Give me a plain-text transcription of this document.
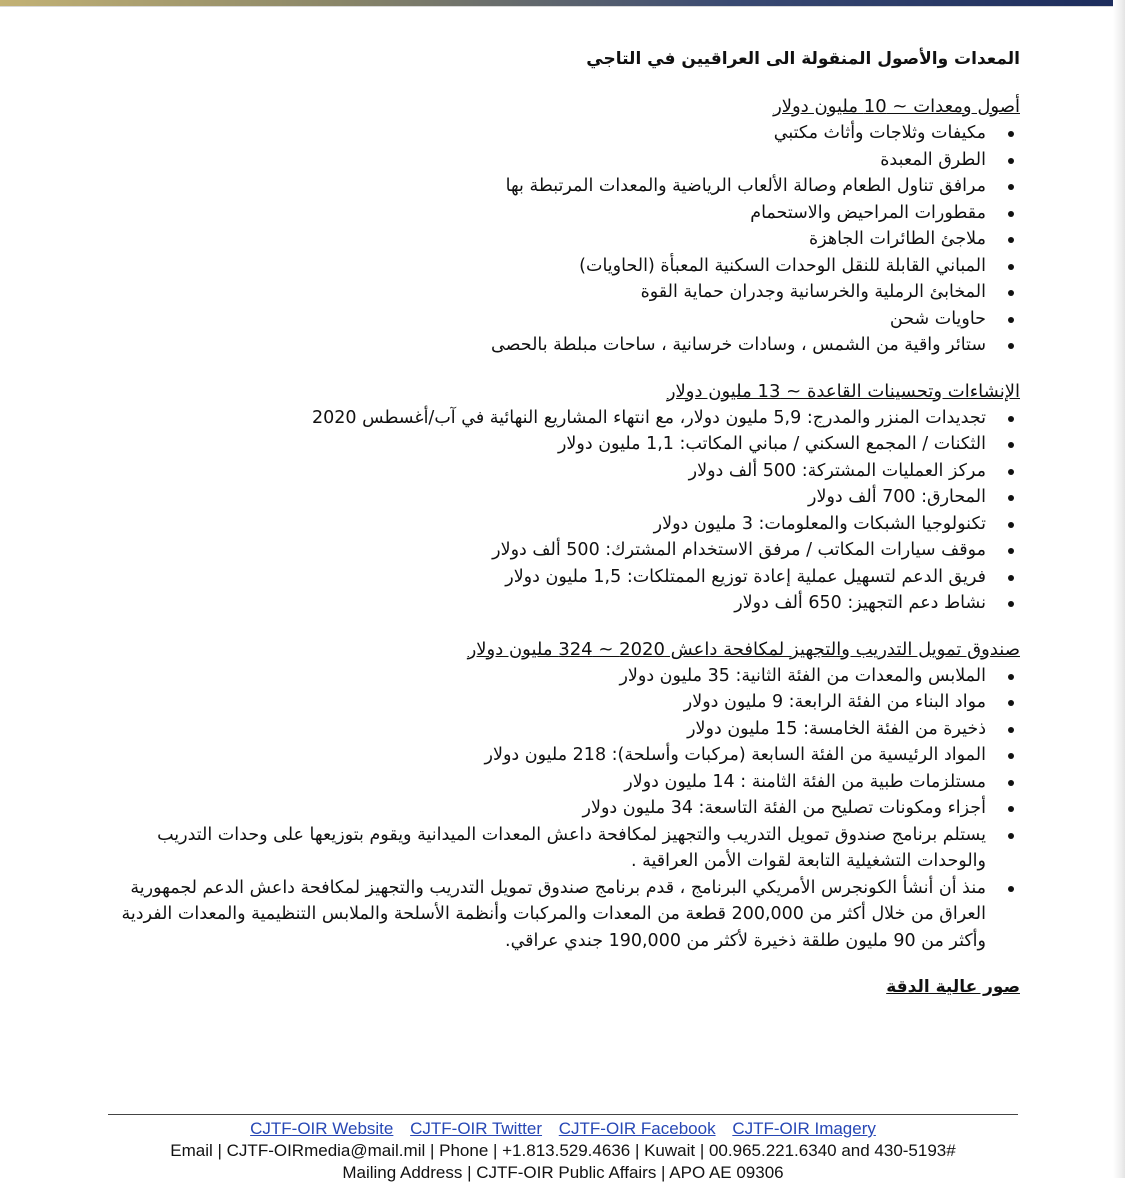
المعدات والأصول المنقولة الى العراقيين في التاجي

أصول ومعدات ~ 10 مليون دولار

مكيفات وثلاجات وأثاث مكتبي
الطرق المعبدة
مرافق تناول الطعام وصالة الألعاب الرياضية والمعدات المرتبطة بها
مقطورات المراحيض والاستحمام
ملاجئ الطائرات الجاهزة
المباني القابلة للنقل الوحدات السكنية المعبأة (الحاويات)
المخابئ الرملية والخرسانية وجدران حماية القوة
حاويات شحن
ستائر واقية من الشمس ، وسادات خرسانية ، ساحات مبلطة بالحصى

الإنشاءات وتحسينات القاعدة ~ 13 مليون دولار

تجديدات المنزر والمدرج: 5,9 مليون دولار، مع انتهاء المشاريع النهائية في آب/أغسطس 2020
الثكنات / المجمع السكني / مباني المكاتب: 1,1 مليون دولار
مركز العمليات المشتركة: 500 ألف دولار
المحارق: 700 ألف دولار
تكنولوجيا الشبكات والمعلومات: 3 مليون دولار
موقف سيارات المكاتب / مرفق الاستخدام المشترك: 500 ألف دولار
فريق الدعم لتسهيل عملية إعادة توزيع الممتلكات: 1,5 مليون دولار
نشاط دعم التجهيز: 650 ألف دولار

صندوق تمويل التدريب والتجهيز لمكافحة داعش 2020 ~ 324 مليون دولار

الملابس والمعدات من الفئة الثانية: 35 مليون دولار
مواد البناء من الفئة الرابعة: 9 مليون دولار
ذخيرة من الفئة الخامسة: 15 مليون دولار
المواد الرئيسية من الفئة السابعة (مركبات وأسلحة): 218 مليون دولار
مستلزمات طبية من الفئة الثامنة : 14 مليون دولار
أجزاء ومكونات تصليح من الفئة التاسعة: 34 مليون دولار
يستلم برنامج صندوق تمويل التدريب والتجهيز لمكافحة داعش المعدات الميدانية ويقوم بتوزيعها على وحدات التدريب والوحدات التشغيلية التابعة لقوات الأمن العراقية .
منذ أن أنشأ الكونجرس الأمريكي البرنامج ، قدم برنامج صندوق تمويل التدريب والتجهيز لمكافحة داعش الدعم لجمهورية العراق من خلال أكثر من 200,000 قطعة من المعدات والمركبات وأنظمة الأسلحة والملابس التنظيمية والمعدات الفردية وأكثر من 90 مليون طلقة ذخيرة لأكثر من 190,000 جندي عراقي.
صور عالية الدقة
CJTF-OIR Website CJTF-OIR Twitter CJTF-OIR Facebook CJTF-OIR Imagery
Email | CJTF-OIRmedia@mail.mil | Phone | +1.813.529.4636 | Kuwait | 00.965.221.6340 and 430-5193#
Mailing Address | CJTF-OIR Public Affairs | APO AE 09306
